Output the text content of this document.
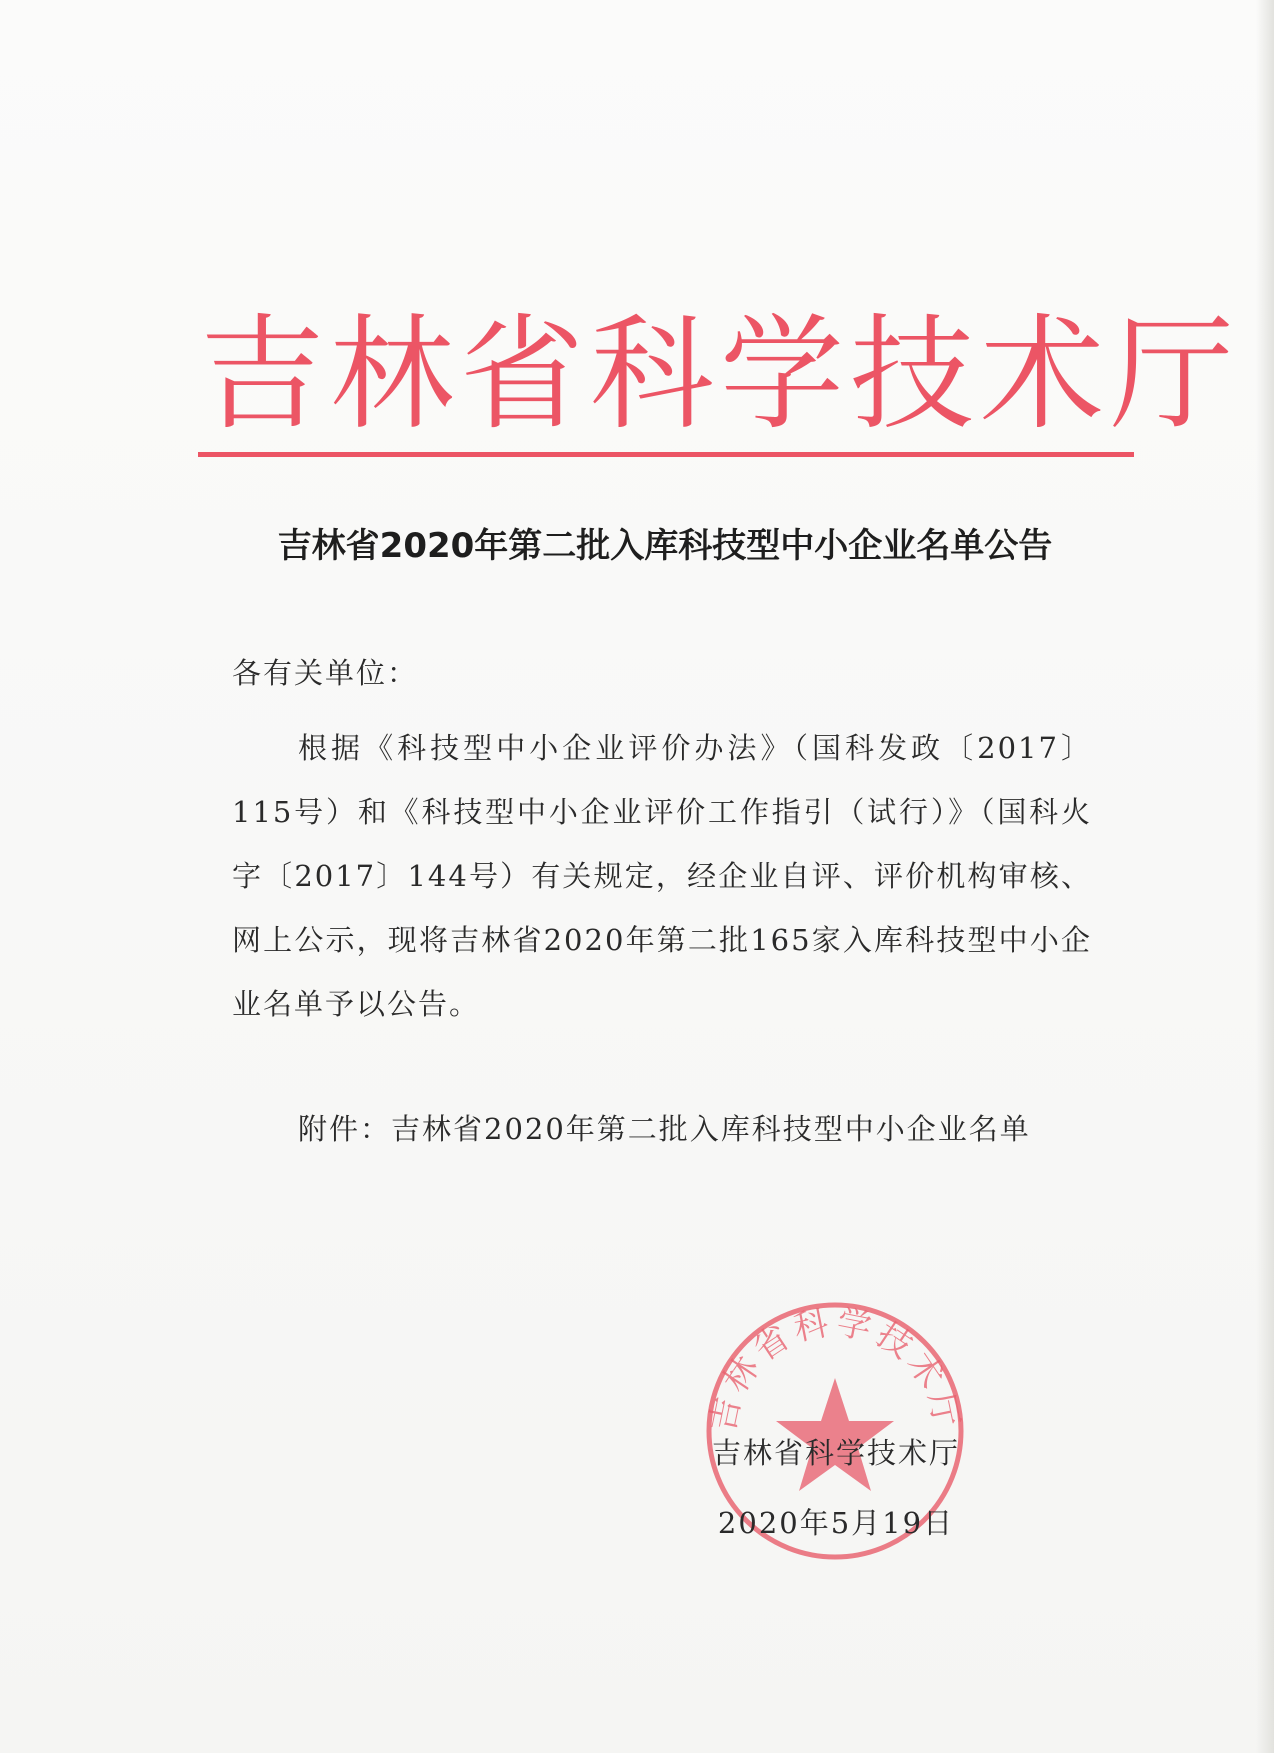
吉林省科学技术厅
吉林省2020年第二批入库科技型中小企业名单公告

各有关单位：

根据《科技型中小企业评价办法》（国科发政〔2017〕115号）和《科技型中小企业评价工作指引（试行）》（国科火字〔2017〕144号）有关规定，经企业自评、评价机构审核、网上公示，现将吉林省2020年第二批165家入库科技型中小企业名单予以公告。

附件：吉林省2020年第二批入库科技型中小企业名单

吉林省科学技术厅

吉林省科学技术厅

2020年5月19日
